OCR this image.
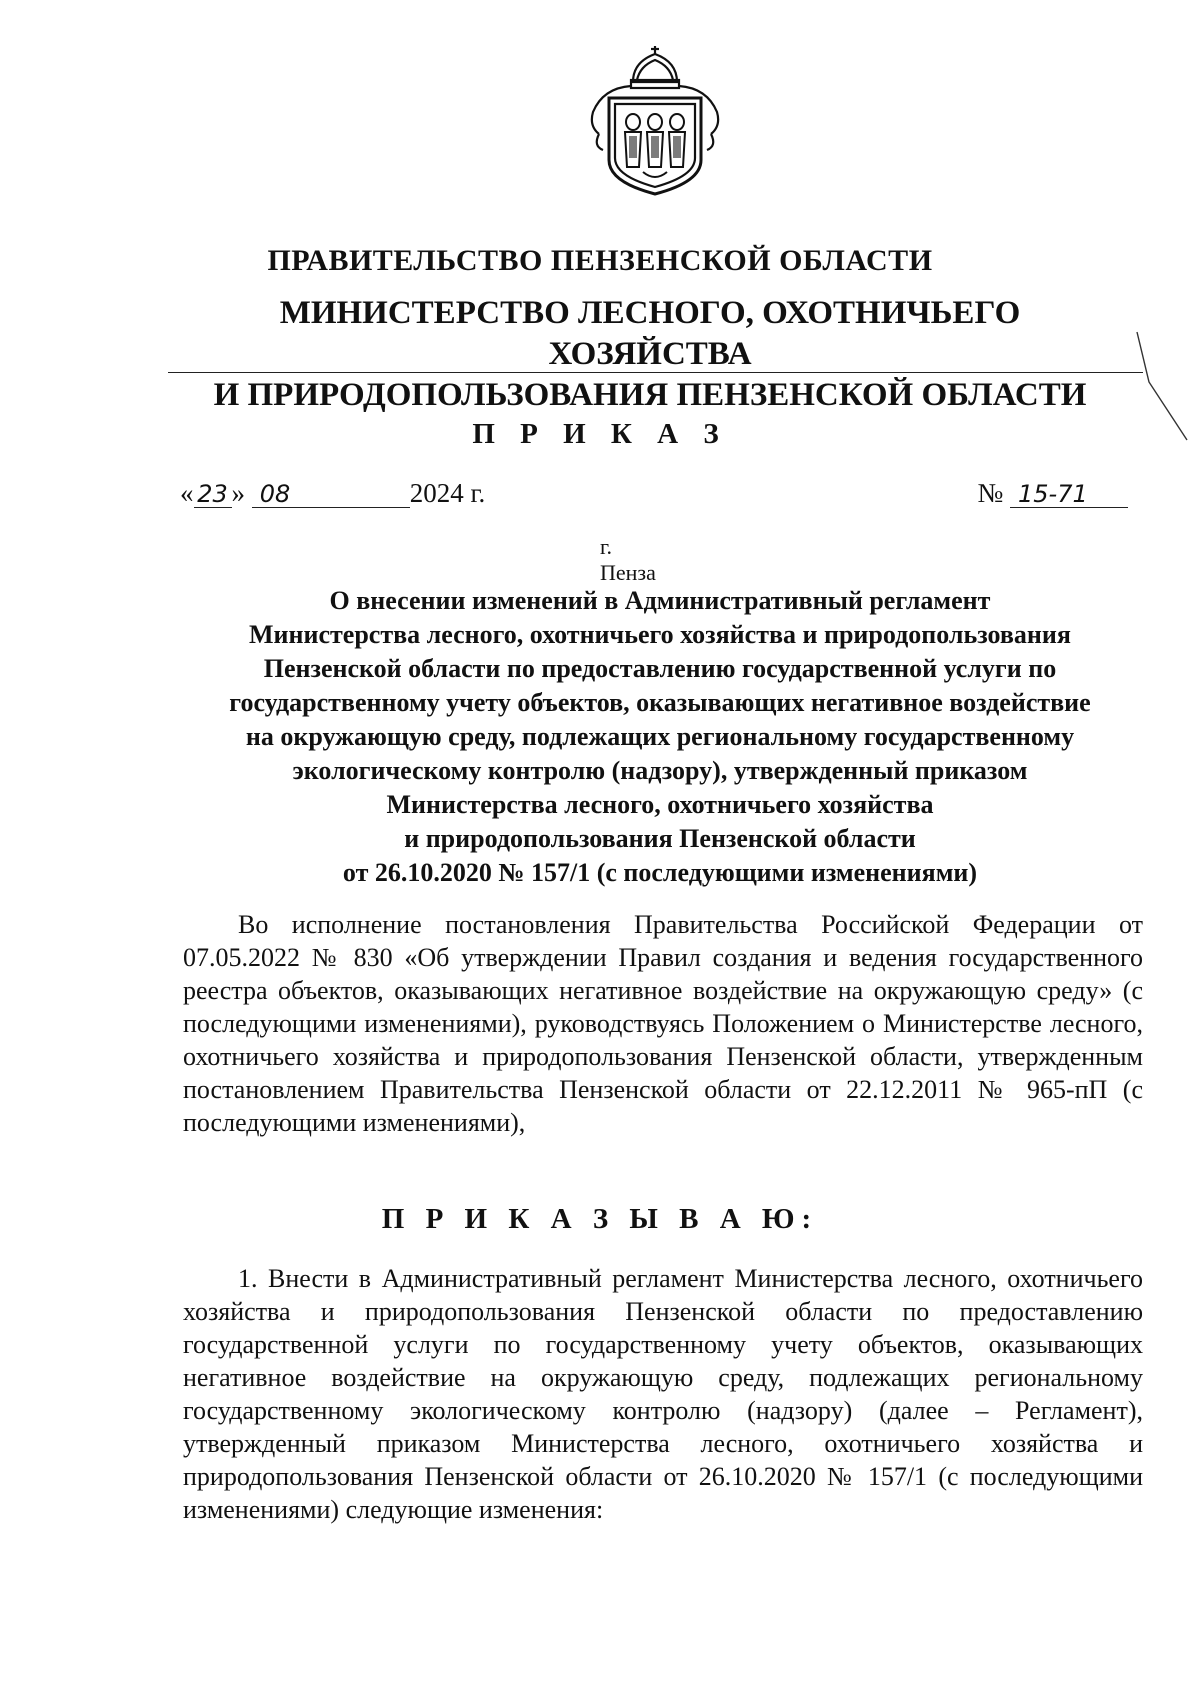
ПРАВИТЕЛЬСТВО ПЕНЗЕНСКОЙ ОБЛАСТИ
МИНИСТЕРСТВО ЛЕСНОГО, ОХОТНИЧЬЕГО ХОЗЯЙСТВА
И ПРИРОДОПОЛЬЗОВАНИЯ ПЕНЗЕНСКОЙ ОБЛАСТИ
П Р И К А З
« 23 » 08	2024 г.	№ 15-71
г. Пенза
О внесении изменений в Административный регламент
Министерства лесного, охотничьего хозяйства и природопользования
Пензенской области по предоставлению государственной услуги по
государственному учету объектов, оказывающих негативное воздействие
на окружающую среду, подлежащих региональному государственному
экологическому контролю (надзору), утвержденный приказом
Министерства лесного, охотничьего хозяйства
и природопользования Пензенской области
от 26.10.2020 № 157/1 (с последующими изменениями)
Во исполнение постановления Правительства Российской Федерации от 07.05.2022 № 830 «Об утверждении Правил создания и ведения государственного реестра объектов, оказывающих негативное воздействие на окружающую среду» (с последующими изменениями), руководствуясь Положением о Министерстве лесного, охотничьего хозяйства и природопользования Пензенской области, утвержденным постановлением Правительства Пензенской области от 22.12.2011 № 965-пП (с последующими изменениями),
П Р И К А З Ы В А Ю:
1. Внести в Административный регламент Министерства лесного, охотничьего хозяйства и природопользования Пензенской области по предоставлению государственной услуги по государственному учету объектов, оказывающих негативное воздействие на окружающую среду, подлежащих региональному государственному экологическому контролю (надзору) (далее – Регламент), утвержденный приказом Министерства лесного, охотничьего хозяйства и природопользования Пензенской области от 26.10.2020 № 157/1 (с последующими изменениями) следующие изменения:
